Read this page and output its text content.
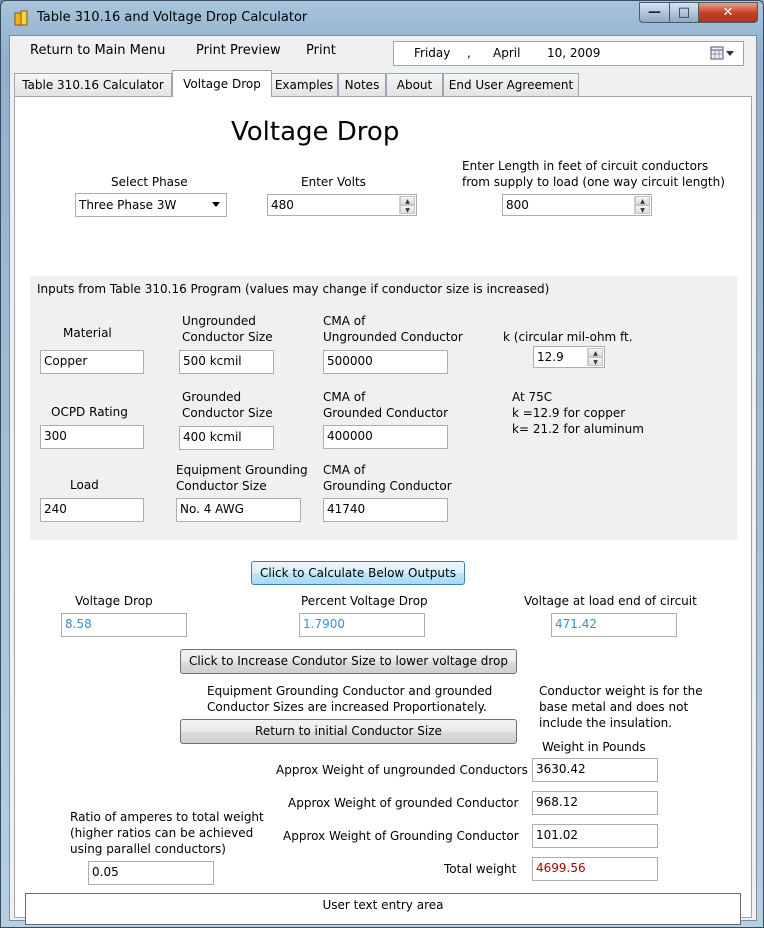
Table 310.16 and Voltage Drop Calculator	— □ ✕
Return to Main Menu Print Preview Print	Friday , April 10, 2009
Table 310.16 Calculator	Voltage Drop	Examples Notes	About	End User Agreement
Voltage Drop
Select Phase
Three Phase 3W
Enter Volts
480	▲
▼
Enter Length in feet of circuit conductors
from supply to load (one way circuit length)
800	▲
▼
Inputs from Table 310.16 Program (values may change if conductor size is increased)
Material
Copper
Ungrounded
Conductor Size
500 kcmil
CMA of
Ungrounded Conductor
500000
k (circular mil-ohm ft.
12.9	▲
▼
OCPD Rating
300
Grounded
Conductor Size
400 kcmil
CMA of
Grounded Conductor
400000
At 75C
k =12.9 for copper
k= 21.2 for aluminum
Load
240
Equipment Grounding
Conductor Size
No. 4 AWG
CMA of
Grounding Conductor
41740
Click to Calculate Below Outputs
Voltage Drop
8.58
Percent Voltage Drop
1.7900
Voltage at load end of circuit
471.42
Click to Increase Condutor Size to lower voltage drop
Equipment Grounding Conductor and grounded
Conductor Sizes are increased Proportionately.
Return to initial Conductor Size
Conductor weight is for the
base metal and does not
include the insulation.
Weight in Pounds
Approx Weight of ungrounded Conductors 3630.42
Approx Weight of grounded Conductor	968.12
Approx Weight of Grounding Conductor	101.02
Total weight	4699.56
Ratio of amperes to total weight
(higher ratios can be achieved
using parallel conductors)
0.05
User text entry area
